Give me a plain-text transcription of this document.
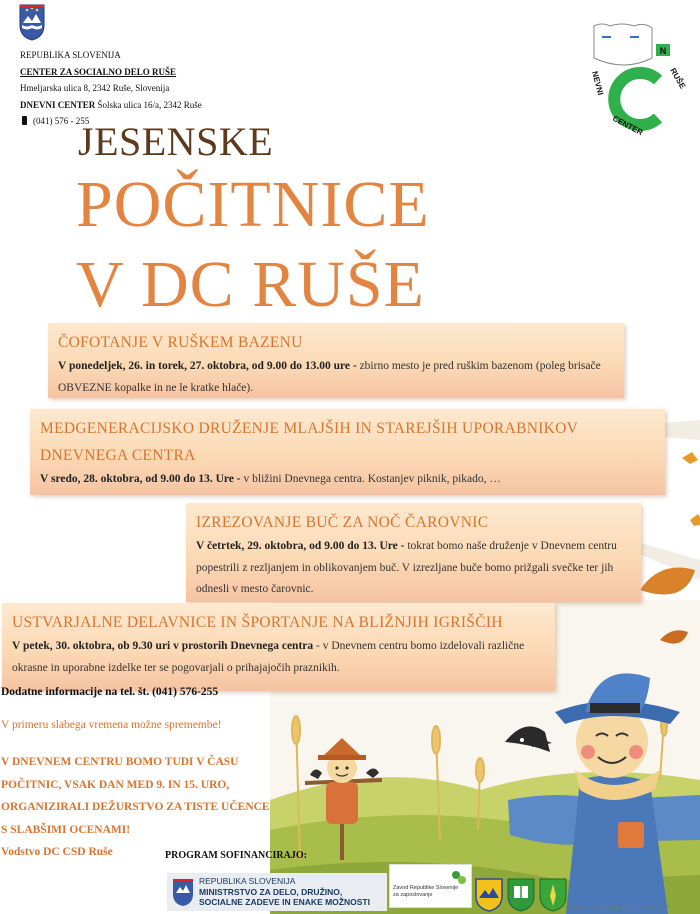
REPUBLIKA SLOVENIJA
CENTER ZA SOCIALNO DELO RUŠE
Hmeljarska ulica 8, 2342 Ruše, Slovenija
DNEVNI CENTER Šolska ulica 16/a, 2342 Ruše
(041) 576 - 255
N
RUŠE
NEVNI
CENTER
JESENSKE
POČITNICE
V DC RUŠE
ČOFOTANJE V RUŠKEM BAZENU
V ponedeljek, 26. in torek, 27. oktobra, od 9.00 do 13.00 ure - zbirno mesto je pred ruškim bazenom (poleg brisače OBVEZNE kopalke in ne le kratke hlače).
MEDGENERACIJSKO DRUŽENJE MLAJŠIH IN STAREJŠIH UPORABNIKOV DNEVNEGA CENTRA
V sredo, 28. oktobra, od 9.00 do 13. Ure - v bližini Dnevnega centra. Kostanjev piknik, pikado, …
IZREZOVANJE BUČ ZA NOČ ČAROVNIC
V četrtek, 29. oktobra, od 9.00 do 13. Ure - tokrat bomo naše druženje v Dnevnem centru popestrili z rezljanjem in oblikovanjem buč. V izrezljane buče bomo prižgali svečke ter jih odnesli v mesto čarovnic.
USTVARJALNE DELAVNICE IN ŠPORTANJE NA BLIŽNJIH IGRIŠČIH
V petek, 30. oktobra, ob 9.30 uri v prostorih Dnevnega centra - v Dnevnem centru bomo izdelovali različne okrasne in uporabne izdelke ter se pogovarjali o prihajajočih praznikih.
Dodatne informacije na tel. št. (041) 576-255
V primeru slabega vremena možne spremembe!
V DNEVNEM CENTRU BOMO TUDI V ČASU
POČITNIC, VSAK DAN MED 9. IN 15. URO,
ORGANIZIRALI DEŽURSTVO ZA TISTE UČENCE
S SLABŠIMI OCENAMI!
Vodstvo DC CSD Ruše	PROGRAM SOFINANCIRAJO:
REPUBLIKA SLOVENIJA
MINISTRSTVO ZA DELO, DRUŽINO,
SOCIALNE ZADEVE IN ENAKE MOŽNOSTI
Zavod Republike Slovenije
za zaposlovanje
Občina Ruše, Lovrenc n. P. in Selnica ob D.
